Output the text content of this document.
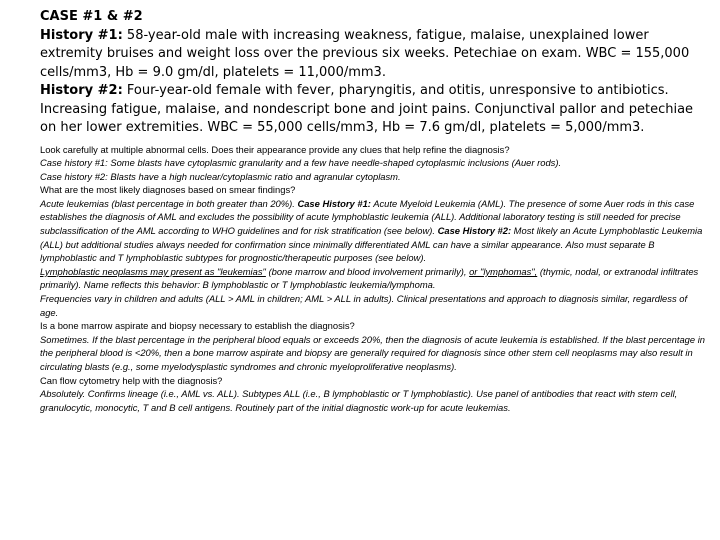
CASE #1 & #2

History #1: 58-year-old male with increasing weakness, fatigue, malaise, unexplained lower extremity bruises and weight loss over the previous six weeks. Petechiae on exam. WBC = 155,000 cells/mm3, Hb = 9.0 gm/dl, platelets = 11,000/mm3.

History #2: Four-year-old female with fever, pharyngitis, and otitis, unresponsive to antibiotics. Increasing fatigue, malaise, and nondescript bone and joint pains. Conjunctival pallor and petechiae on her lower extremities. WBC = 55,000 cells/mm3, Hb = 7.6 gm/dl, platelets = 5,000/mm3.

Look carefully at multiple abnormal cells. Does their appearance provide any clues that help refine the diagnosis?

Case history #1: Some blasts have cytoplasmic granularity and a few have needle-shaped cytoplasmic inclusions (Auer rods).

Case history #2: Blasts have a high nuclear/cytoplasmic ratio and agranular cytoplasm.

What are the most likely diagnoses based on smear findings?

Acute leukemias (blast percentage in both greater than 20%). Case History #1: Acute Myeloid Leukemia (AML). The presence of some Auer rods in this case establishes the diagnosis of AML and excludes the possibility of acute lymphoblastic leukemia (ALL). Additional laboratory testing is still needed for precise subclassification of the AML according to WHO guidelines and for risk stratification (see below). Case History #2: Most likely an Acute Lymphoblastic Leukemia (ALL) but additional studies always needed for confirmation since minimally differentiated AML can have a similar appearance. Also must separate B lymphoblastic and T lymphoblastic subtypes for prognostic/therapeutic purposes (see below).

Lymphoblastic neoplasms may present as "leukemias" (bone marrow and blood involvement primarily), or "lymphomas", (thymic, nodal, or extranodal infiltrates primarily). Name reflects this behavior: B lymphoblastic or T lymphoblastic leukemia/lymphoma.

Frequencies vary in children and adults (ALL > AML in children; AML > ALL in adults). Clinical presentations and approach to diagnosis similar, regardless of age.

Is a bone marrow aspirate and biopsy necessary to establish the diagnosis?

Sometimes. If the blast percentage in the peripheral blood equals or exceeds 20%, then the diagnosis of acute leukemia is established. If the blast percentage in the peripheral blood is <20%, then a bone marrow aspirate and biopsy are generally required for diagnosis since other stem cell neoplasms may also result in circulating blasts (e.g., some myelodysplastic syndromes and chronic myeloproliferative neoplasms).

Can flow cytometry help with the diagnosis?

Absolutely. Confirms lineage (i.e., AML vs. ALL). Subtypes ALL (i.e., B lymphoblastic or T lymphoblastic). Use panel of antibodies that react with stem cell, granulocytic, monocytic, T and B cell antigens. Routinely part of the initial diagnostic work-up for acute leukemias.
